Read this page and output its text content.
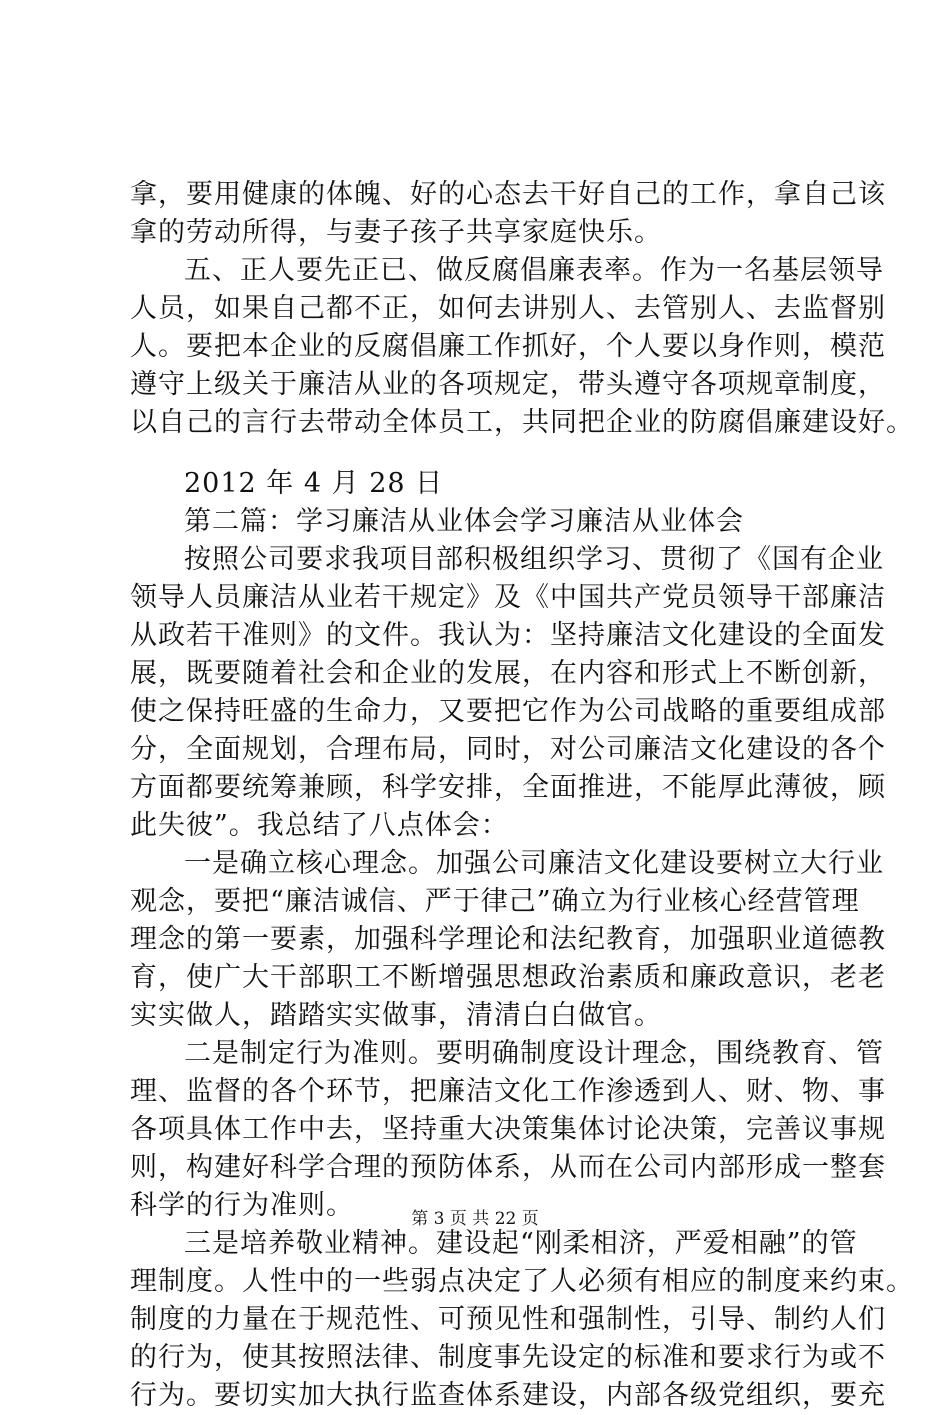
拿，要用健康的体魄、好的心态去干好自己的工作，拿自己该
拿的劳动所得，与妻子孩子共享家庭快乐。
五、正人要先正已、做反腐倡廉表率。作为一名基层领导
人员，如果自己都不正，如何去讲别人、去管别人、去监督别
人。要把本企业的反腐倡廉工作抓好，个人要以身作则，模范
遵守上级关于廉洁从业的各项规定，带头遵守各项规章制度，
以自己的言行去带动全体员工，共同把企业的防腐倡廉建设好。
2012 年 4 月 28 日
第二篇：学习廉洁从业体会学习廉洁从业体会
按照公司要求我项目部积极组织学习、贯彻了《国有企业
领导人员廉洁从业若干规定》及《中国共产党员领导干部廉洁
从政若干准则》的文件。我认为：坚持廉洁文化建设的全面发
展，既要随着社会和企业的发展，在内容和形式上不断创新，
使之保持旺盛的生命力，又要把它作为公司战略的重要组成部
分，全面规划，合理布局，同时，对公司廉洁文化建设的各个
方面都要统筹兼顾，科学安排，全面推进，不能厚此薄彼，顾
此失彼”。我总结了八点体会：
一是确立核心理念。加强公司廉洁文化建设要树立大行业
观念，要把“廉洁诚信、严于律己”确立为行业核心经营管理
理念的第一要素，加强科学理论和法纪教育，加强职业道德教
育，使广大干部职工不断增强思想政治素质和廉政意识，老老
实实做人，踏踏实实做事，清清白白做官。
二是制定行为准则。要明确制度设计理念，围绕教育、管
理、监督的各个环节，把廉洁文化工作渗透到人、财、物、事
各项具体工作中去，坚持重大决策集体讨论决策，完善议事规
则，构建好科学合理的预防体系，从而在公司内部形成一整套
科学的行为准则。
三是培养敬业精神。建设起“刚柔相济，严爱相融”的管
理制度。人性中的一些弱点决定了人必须有相应的制度来约束。
制度的力量在于规范性、可预见性和强制性，引导、制约人们
的行为，使其按照法律、制度事先设定的标准和要求行为或不
行为。要切实加大执行监查体系建设，内部各级党组织，要充
第 3 页 共 22 页
